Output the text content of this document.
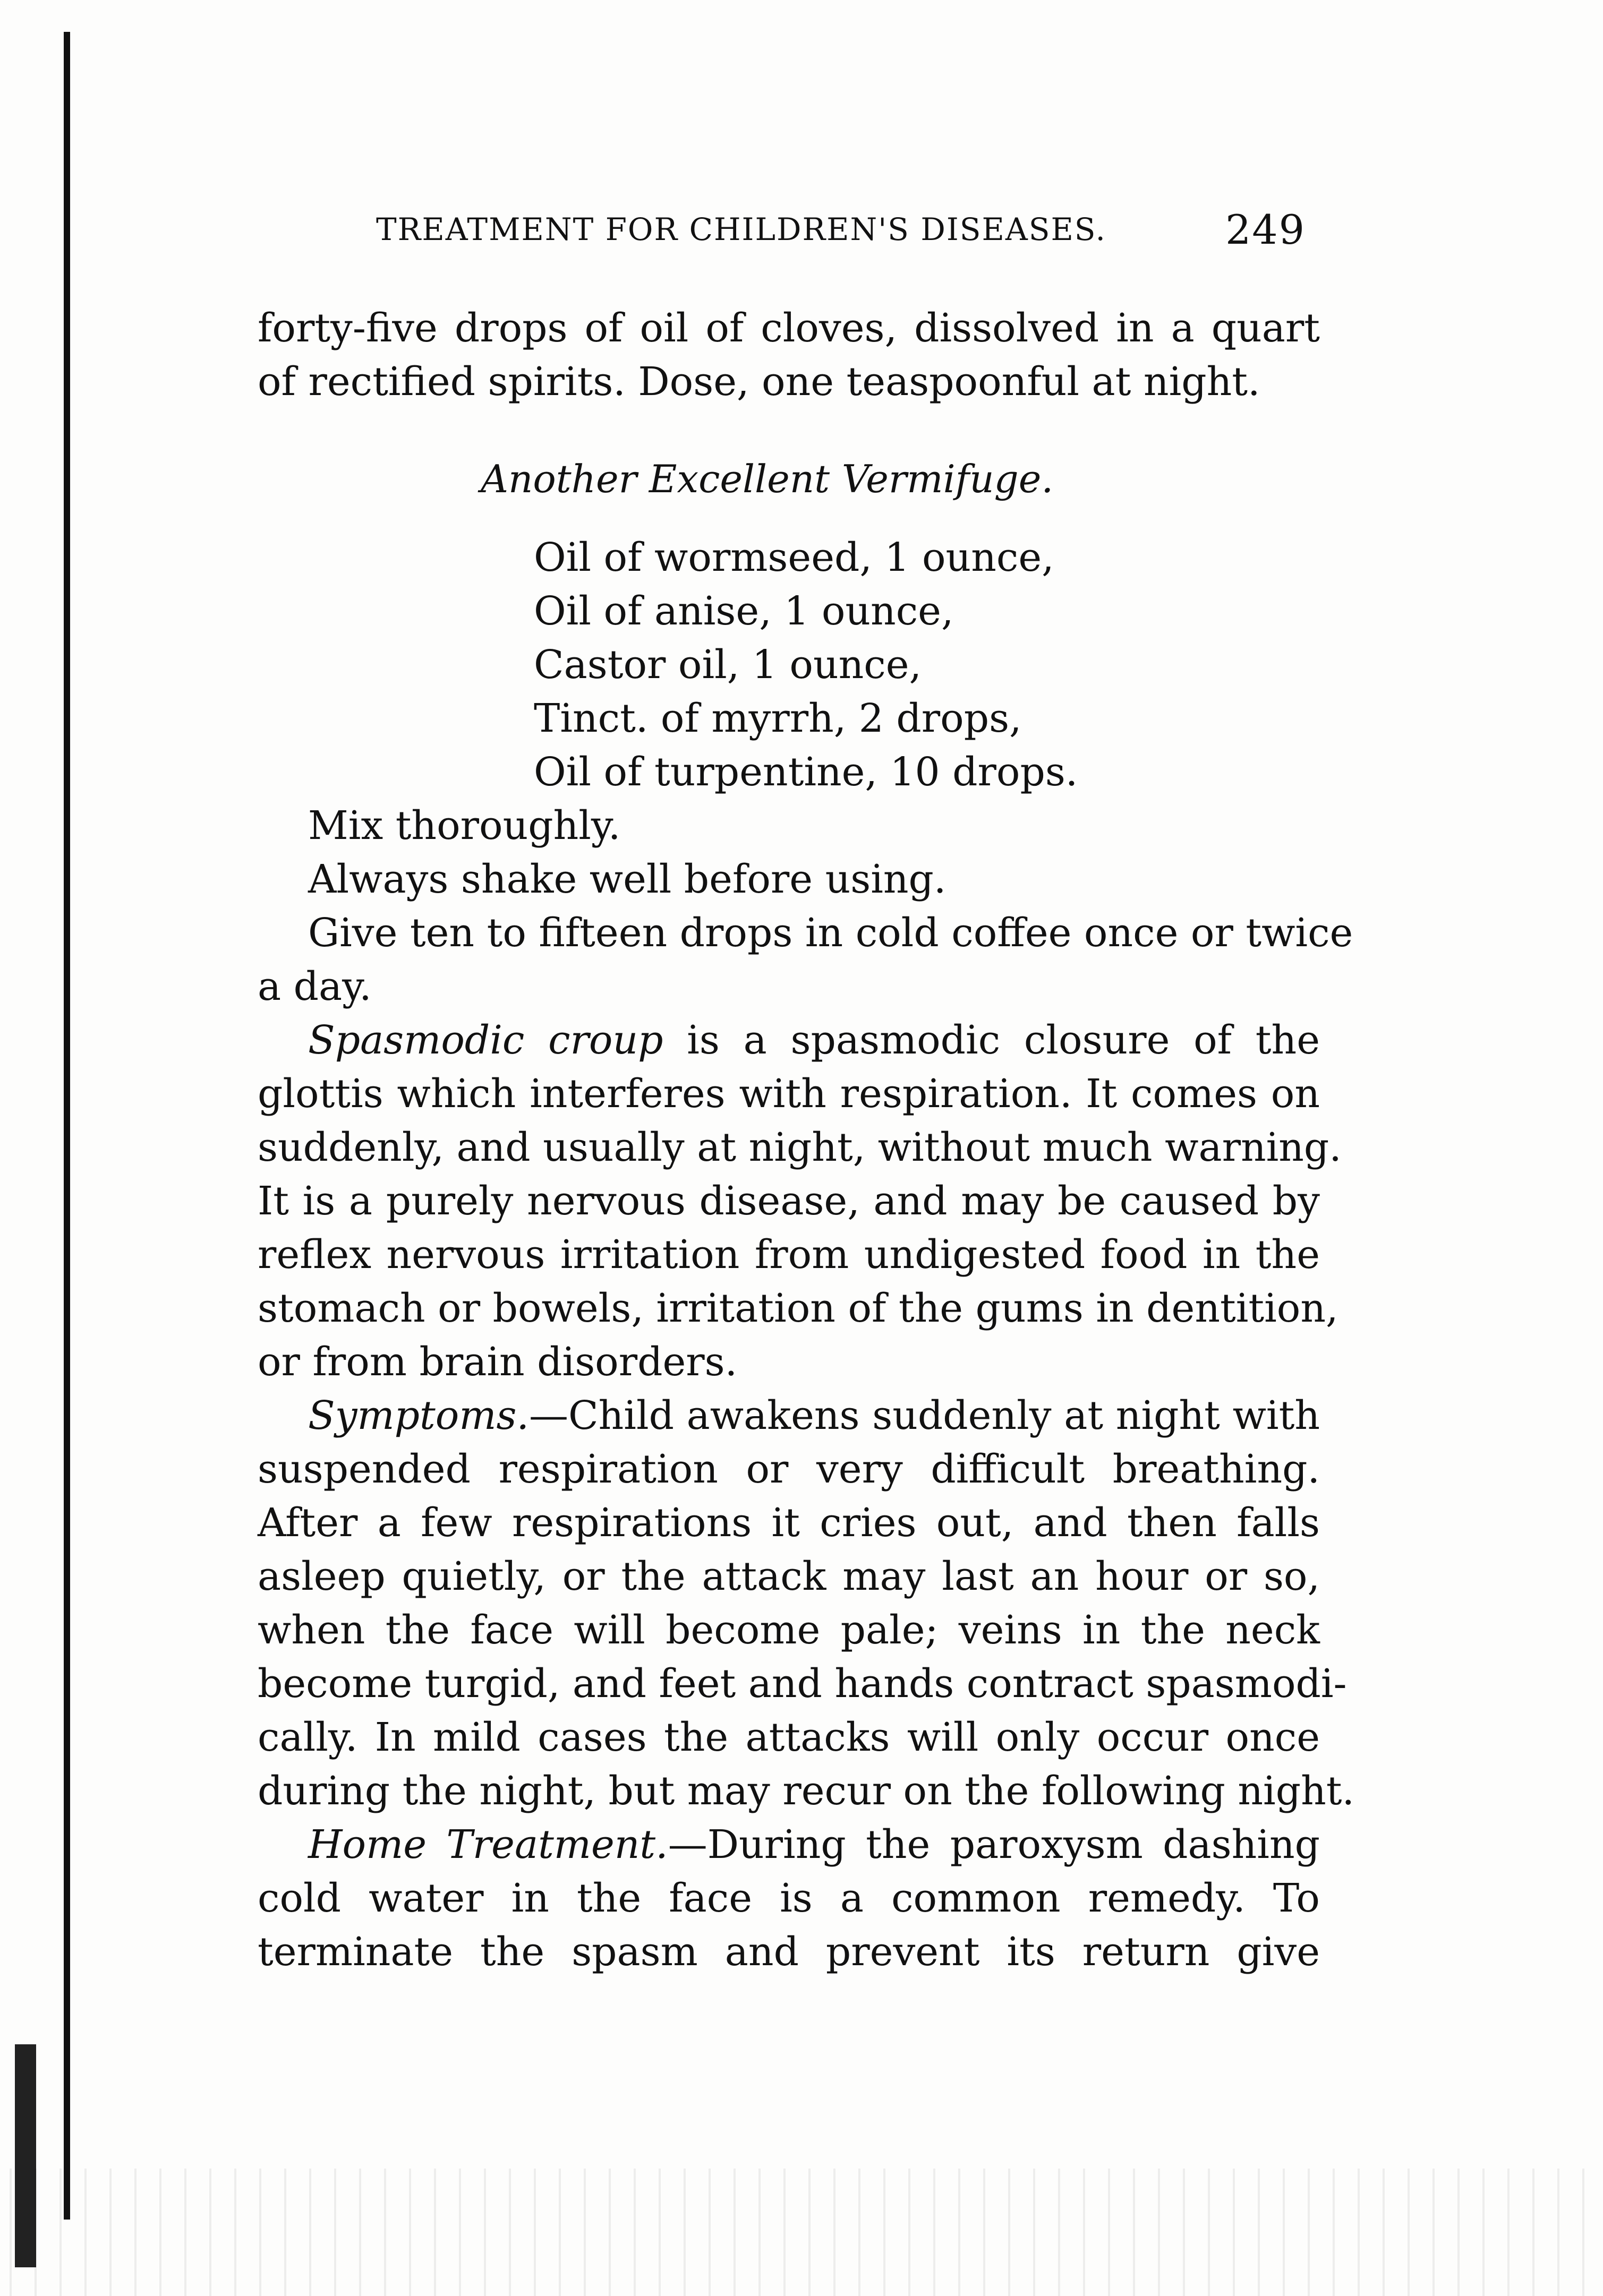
TREATMENT FOR CHILDREN'S DISEASES.	249
forty-five drops of oil of cloves, dissolved in a quart
of rectified spirits. Dose, one teaspoonful at night.
Another Excellent Vermifuge.
Oil of wormseed, 1 ounce,
Oil of anise, 1 ounce,
Castor oil, 1 ounce,
Tinct. of myrrh, 2 drops,
Oil of turpentine, 10 drops.
Mix thoroughly.
Always shake well before using.
Give ten to fifteen drops in cold coffee once or twice
a day.
Spasmodic croup is a spasmodic closure of the
glottis which interferes with respiration. It comes on
suddenly, and usually at night, without much warning.
It is a purely nervous disease, and may be caused by
reflex nervous irritation from undigested food in the
stomach or bowels, irritation of the gums in dentition,
or from brain disorders.
Symptoms.—Child awakens suddenly at night with
suspended respiration or very difficult breathing.
After a few respirations it cries out, and then falls
asleep quietly, or the attack may last an hour or so,
when the face will become pale; veins in the neck
become turgid, and feet and hands contract spasmodi-
cally. In mild cases the attacks will only occur once
during the night, but may recur on the following night.
Home Treatment.—During the paroxysm dashing
cold water in the face is a common remedy. To
terminate the spasm and prevent its return give
